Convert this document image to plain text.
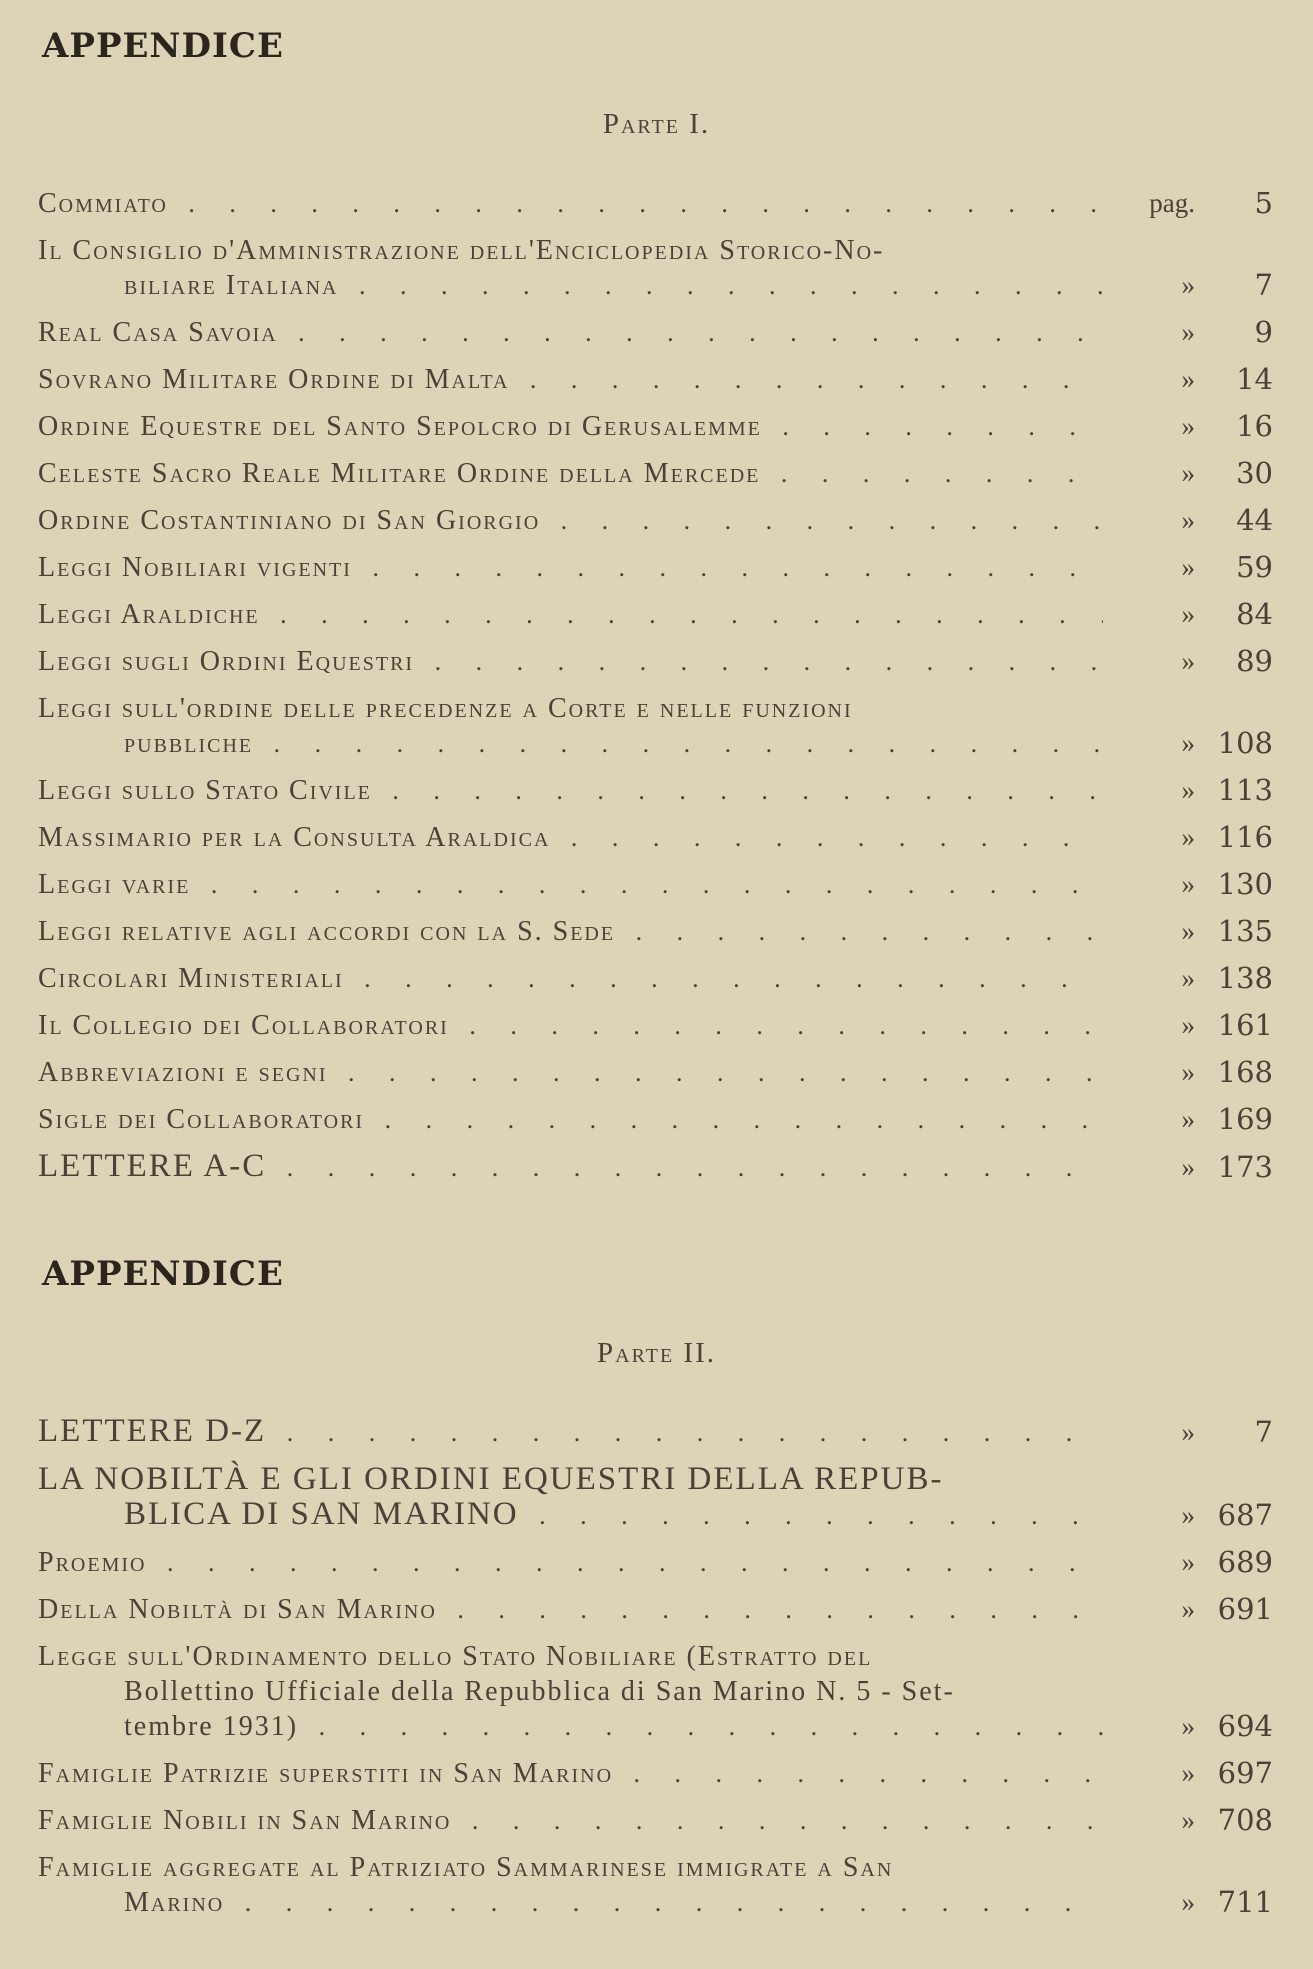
APPENDICE
Parte I.
Commiato . .	pag.	5
Il Consiglio d'Amministrazione dell'Enciclopedia Storico-No-
biliare Italiana . .	»	7
Real Casa Savoia . .	»	9
Sovrano Militare Ordine di Malta . .	»	14
Ordine Equestre del Santo Sepolcro di Gerusalemme . .	»	16
Celeste Sacro Reale Militare Ordine della Mercede . .	»	30
Ordine Costantiniano di San Giorgio . .	»	44
Leggi Nobiliari vigenti . .	»	59
Leggi Araldiche . .	»	84
Leggi sugli Ordini Equestri . .	»	89
Leggi sull'ordine delle precedenze a Corte e nelle funzioni
pubbliche . .	» 108
Leggi sullo Stato Civile . .	» 113
Massimario per la Consulta Araldica . .	» 116
Leggi varie . .	» 130
Leggi relative agli accordi con la S. Sede . .	» 135
Circolari Ministeriali . .	» 138
Il Collegio dei Collaboratori . .	» 161
Abbreviazioni e segni . .	» 168
Sigle dei Collaboratori . .	» 169
LETTERE A-C . .	» 173
APPENDICE
Parte II.
LETTERE D-Z . .	»	7
LA NOBILTÀ E GLI ORDINI EQUESTRI DELLA REPUB-
BLICA DI SAN MARINO . .	» 687
Proemio . .	» 689
Della Nobiltà di San Marino . .	» 691
Legge sull'Ordinamento dello Stato Nobiliare (Estratto del
Bollettino Ufficiale della Repubblica di San Marino N. 5 - Set-
tembre 1931) . .	» 694
Famiglie Patrizie superstiti in San Marino . .	» 697
Famiglie Nobili in San Marino . .	» 708
Famiglie aggregate al Patriziato Sammarinese immigrate a San
Marino . .	» 711
